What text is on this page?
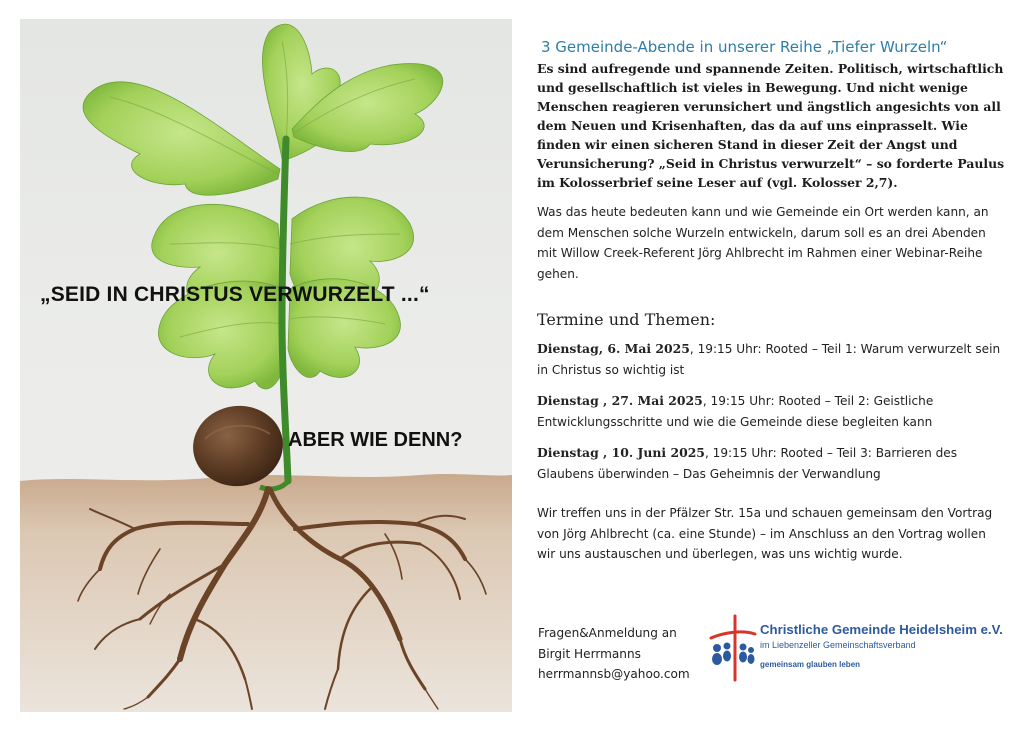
„SEID IN CHRISTUS VERWURZELT ...“
ABER WIE DENN?
3 Gemeinde-Abende in unserer Reihe „Tiefer Wurzeln“

Es sind aufregende und spannende Zeiten. Politisch, wirtschaftlich und gesellschaftlich ist vieles in Bewegung. Und nicht wenige Menschen reagieren verunsichert und ängstlich angesichts von all dem Neuen und Krisenhaften, das da auf uns einprasselt. Wie finden wir einen sicheren Stand in dieser Zeit der Angst und Verunsicherung? „Seid in Christus verwurzelt“ – so forderte Paulus im Kolosserbrief seine Leser auf (vgl. Kolosser 2,7).

Was das heute bedeuten kann und wie Gemeinde ein Ort werden kann, an dem Menschen solche Wurzeln entwickeln, darum soll es an drei Abenden mit Willow Creek-Referent Jörg Ahlbrecht im Rahmen einer Webinar-Reihe gehen.

Termine und Themen:
Dienstag, 6. Mai 2025, 19:15 Uhr: Rooted – Teil 1: Warum verwurzelt sein in Christus so wichtig ist
Dienstag , 27. Mai 2025, 19:15 Uhr: Rooted – Teil 2: Geistliche Entwicklungsschritte und wie die Gemeinde diese begleiten kann
Dienstag , 10. Juni 2025, 19:15 Uhr: Rooted – Teil 3: Barrieren des Glaubens überwinden – Das Geheimnis der Verwandlung

Wir treffen uns in der Pfälzer Str. 15a und schauen gemeinsam den Vortrag von Jörg Ahlbrecht (ca. eine Stunde) – im Anschluss an den Vortrag wollen wir uns austauschen und überlegen, was uns wichtig wurde.

Fragen&Anmeldung an
Birgit Herrmanns
herrmannsb@yahoo.com
Christliche Gemeinde Heidelsheim e.V.
im Liebenzeller Gemeinschaftsverband
gemeinsam glauben leben
